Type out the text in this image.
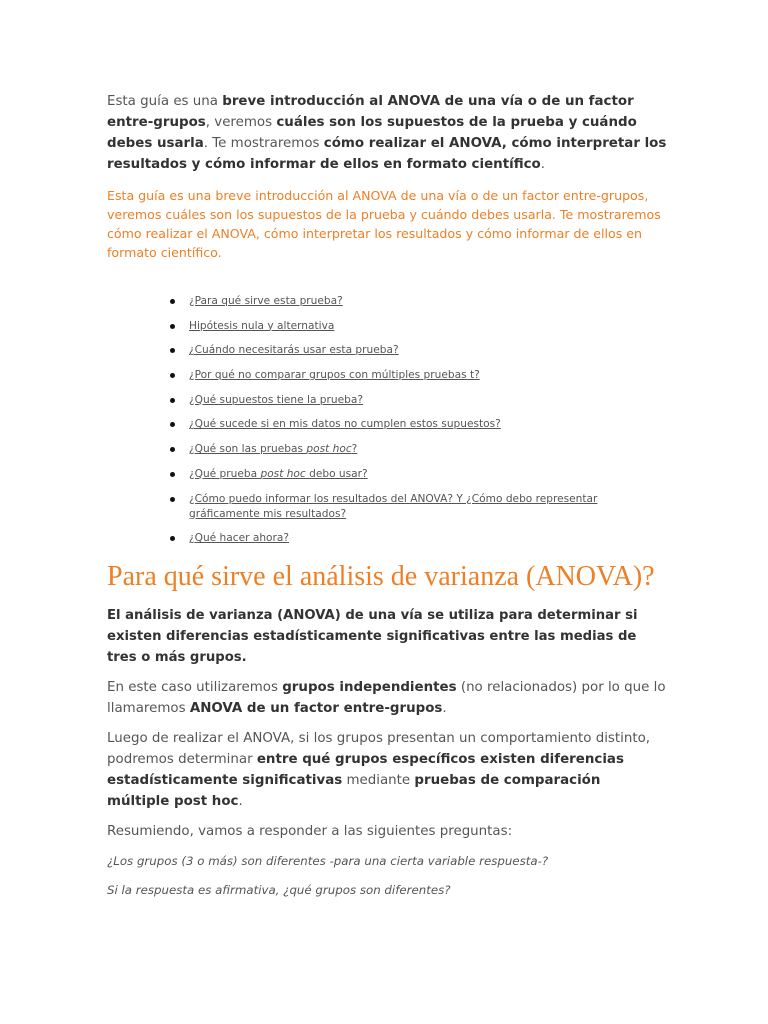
Esta guía es una breve introducción al ANOVA de una vía o de un factor entre-grupos, veremos cuáles son los supuestos de la prueba y cuándo debes usarla. Te mostraremos cómo realizar el ANOVA, cómo interpretar los resultados y cómo informar de ellos en formato científico.

Esta guía es una breve introducción al ANOVA de una vía o de un factor entre-grupos, veremos cuáles son los supuestos de la prueba y cuándo debes usarla. Te mostraremos cómo realizar el ANOVA, cómo interpretar los resultados y cómo informar de ellos en formato científico.

¿Para qué sirve esta prueba?
Hipótesis nula y alternativa
¿Cuándo necesitarás usar esta prueba?
¿Por qué no comparar grupos con múltiples pruebas t?
¿Qué supuestos tiene la prueba?
¿Qué sucede si en mis datos no cumplen estos supuestos?
¿Qué son las pruebas post hoc?
¿Qué prueba post hoc debo usar?
¿Cómo puedo informar los resultados del ANOVA? Y ¿Cómo debo representar gráficamente mis resultados?
¿Qué hacer ahora?
Para qué sirve el análisis de varianza (ANOVA)?

El análisis de varianza (ANOVA) de una vía se utiliza para determinar si existen diferencias estadísticamente significativas entre las medias de tres o más grupos.

En este caso utilizaremos grupos independientes (no relacionados) por lo que lo llamaremos ANOVA de un factor entre-grupos.

Luego de realizar el ANOVA, si los grupos presentan un comportamiento distinto, podremos determinar entre qué grupos específicos existen diferencias estadísticamente significativas mediante pruebas de comparación múltiple post hoc.

Resumiendo, vamos a responder a las siguientes preguntas:

¿Los grupos (3 o más) son diferentes -para una cierta variable respuesta-?

Si la respuesta es afirmativa, ¿qué grupos son diferentes?
